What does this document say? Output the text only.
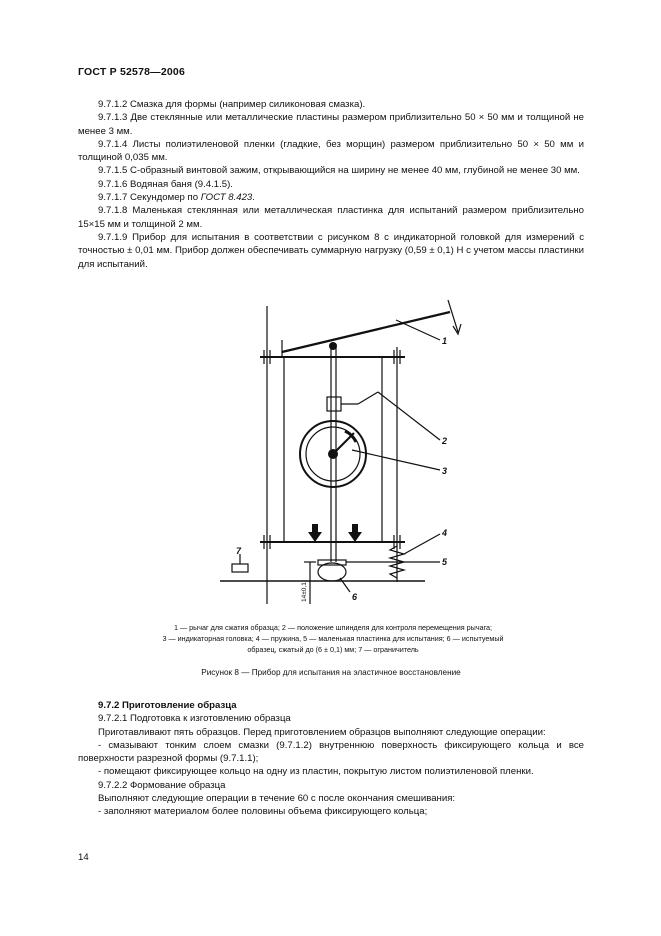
ГОСТ Р 52578—2006

9.7.1.2 Смазка для формы (например силиконовая смазка).

9.7.1.3 Две стеклянные или металлические пластины размером приблизительно 50 × 50 мм и толщиной не менее 3 мм.

9.7.1.4 Листы полиэтиленовой пленки (гладкие, без морщин) размером приблизительно 50 × 50 мм и толщиной 0,035 мм.

9.7.1.5 С-образный винтовой зажим, открывающийся на ширину не менее 40 мм, глубиной не менее 30 мм.

9.7.1.6 Водяная баня (9.4.1.5).

9.7.1.7 Секундомер по ГОСТ 8.423.

9.7.1.8 Маленькая стеклянная или металлическая пластинка для испытаний размером приблизительно 15×15 мм и толщиной 2 мм.

9.7.1.9 Прибор для испытания в соответствии с рисунком 8 с индикаторной головкой для измерений с точностью ± 0,01 мм. Прибор должен обеспечивать суммарную нагрузку (0,59 ± 0,1) Н с учетом массы пластинки для испытаний.

1
2
3
4
5
6
7
14±0,1
1 — рычаг для сжатия образца; 2 — положение шпинделя для контроля перемещения рычага;
3 — индикаторная головка; 4 — пружина, 5 — маленькая пластинка для испытания; 6 — испытуемый
образец, сжатый до (6 ± 0,1) мм; 7 — ограничитель
Рисунок 8 — Прибор для испытания на эластичное восстановление

9.7.2 Приготовление образца

9.7.2.1 Подготовка к изготовлению образца

Приготавливают пять образцов. Перед приготовлением образцов выполняют следующие операции:

- смазывают тонким слоем смазки (9.7.1.2) внутреннюю поверхность фиксирующего кольца и все поверхности разрезной формы (9.7.1.1);

- помещают фиксирующее кольцо на одну из пластин, покрытую листом полиэтиленовой пленки.

9.7.2.2 Формование образца

Выполняют следующие операции в течение 60 с после окончания смешивания:

- заполняют материалом более половины объема фиксирующего кольца;

14
